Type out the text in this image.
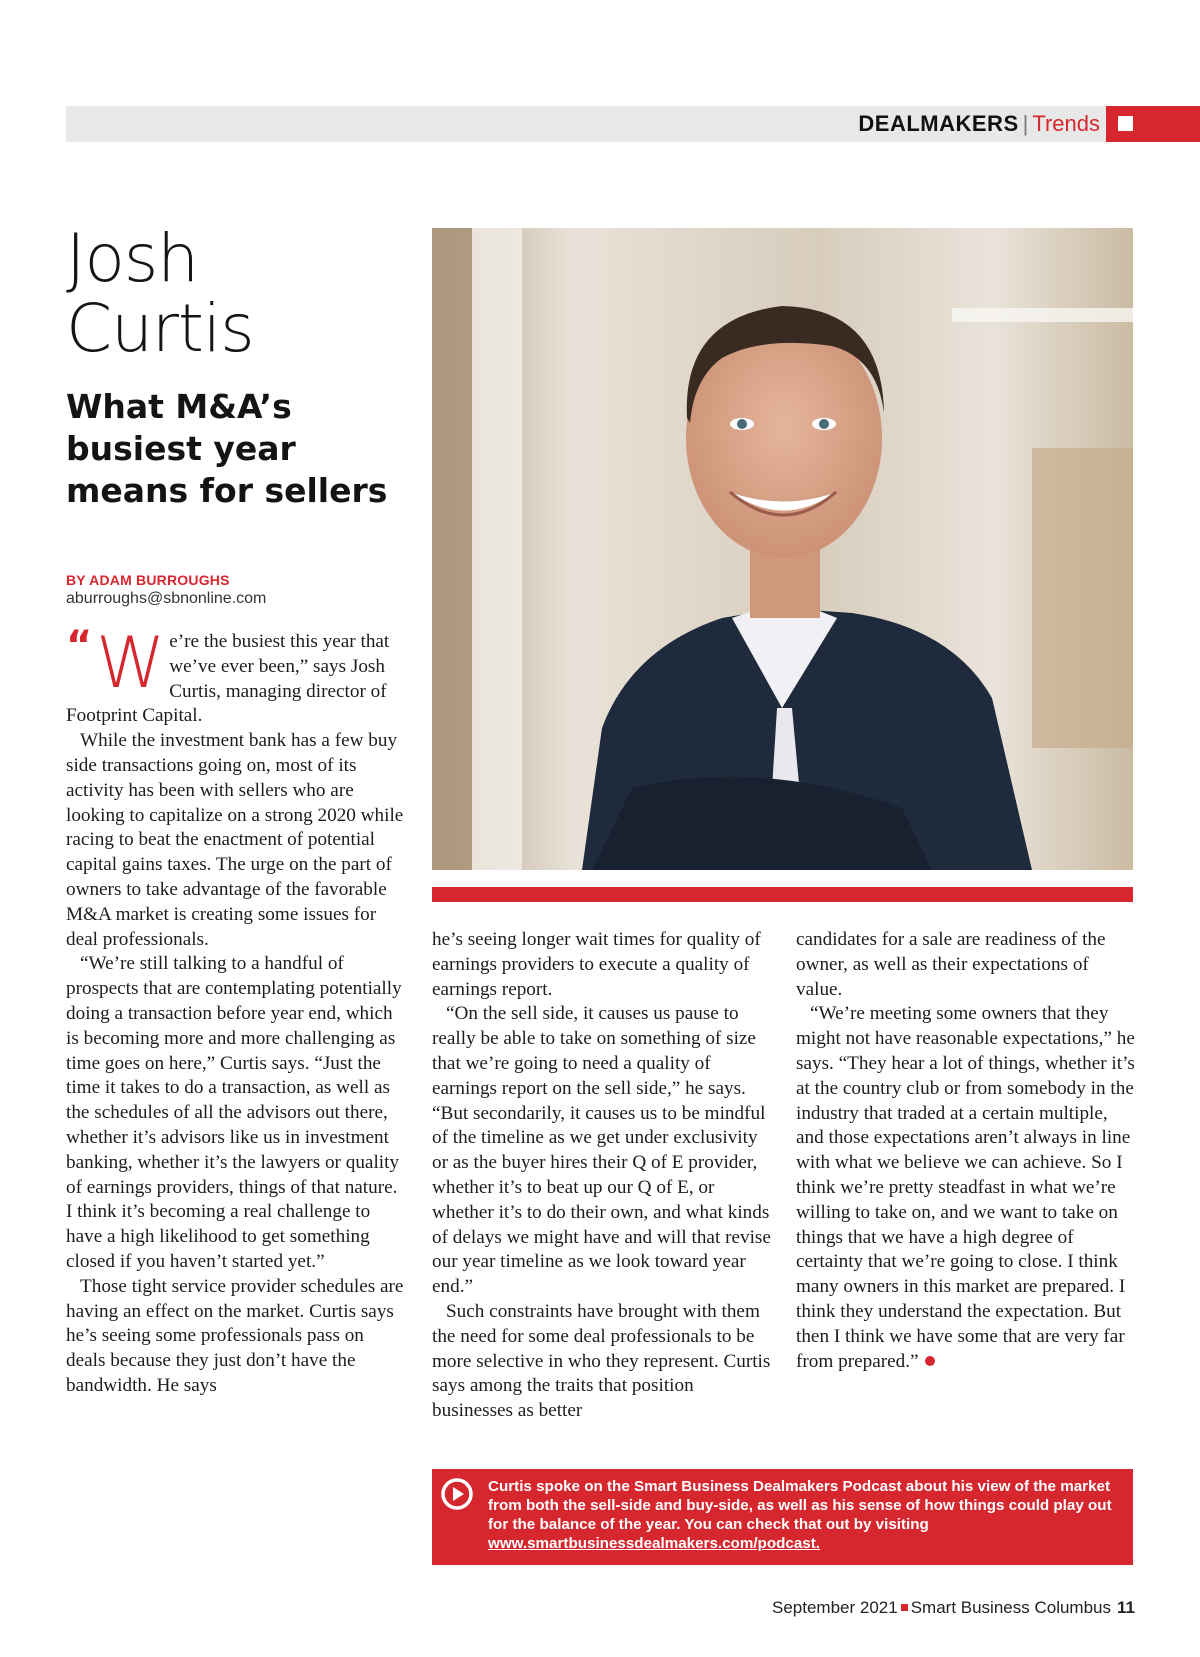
DEALMAKERS | Trends
Josh
Curtis
What M&A’s busiest year means for sellers
BY ADAM BURROUGHS
aburroughs@sbnonline.com
“ W e’re the busiest this year that we’ve ever been,” says Josh Curtis, managing director of Footprint Capital.

While the investment bank has a few buy side transactions going on, most of its activity has been with sellers who are looking to capitalize on a strong 2020 while racing to beat the enactment of potential capital gains taxes. The urge on the part of owners to take advantage of the favorable M&A market is creating some issues for deal professionals.

“We’re still talking to a handful of prospects that are contemplating potentially doing a transaction before year end, which is becoming more and more challenging as time goes on here,” Curtis says. “Just the time it takes to do a transaction, as well as the schedules of all the advisors out there, whether it’s advisors like us in investment banking, whether it’s the lawyers or quality of earnings providers, things of that nature. I think it’s becoming a real challenge to have a high likelihood to get something closed if you haven’t started yet.”

Those tight service provider schedules are having an effect on the market. Curtis says he’s seeing some professionals pass on deals because they just don’t have the bandwidth. He says

he’s seeing longer wait times for quality of earnings providers to execute a quality of earnings report.

“On the sell side, it causes us pause to really be able to take on something of size that we’re going to need a quality of earnings report on the sell side,” he says. “But secondarily, it causes us to be mindful of the timeline as we get under exclusivity or as the buyer hires their Q of E provider, whether it’s to beat up our Q of E, or whether it’s to do their own, and what kinds of delays we might have and will that revise our year timeline as we look toward year end.”

Such constraints have brought with them the need for some deal professionals to be more selective in who they represent. Curtis says among the traits that position businesses as better

candidates for a sale are readiness of the owner, as well as their expectations of value.

“We’re meeting some owners that they might not have reasonable expectations,” he says. “They hear a lot of things, whether it’s at the country club or from somebody in the industry that traded at a certain multiple, and those expectations aren’t always in line with what we believe we can achieve. So I think we’re pretty steadfast in what we’re willing to take on, and we want to take on things that we have a high degree of certainty that we’re going to close. I think many owners in this market are prepared. I think they understand the expectation. But then I think we have some that are very far from prepared.”

Curtis spoke on the Smart Business Dealmakers Podcast about his view of the market from both the sell-side and buy-side, as well as his sense of how things could play out for the balance of the year. You can check that out by visiting www.smartbusinessdealmakers.com/podcast.
September 2021 Smart Business Columbus 11
